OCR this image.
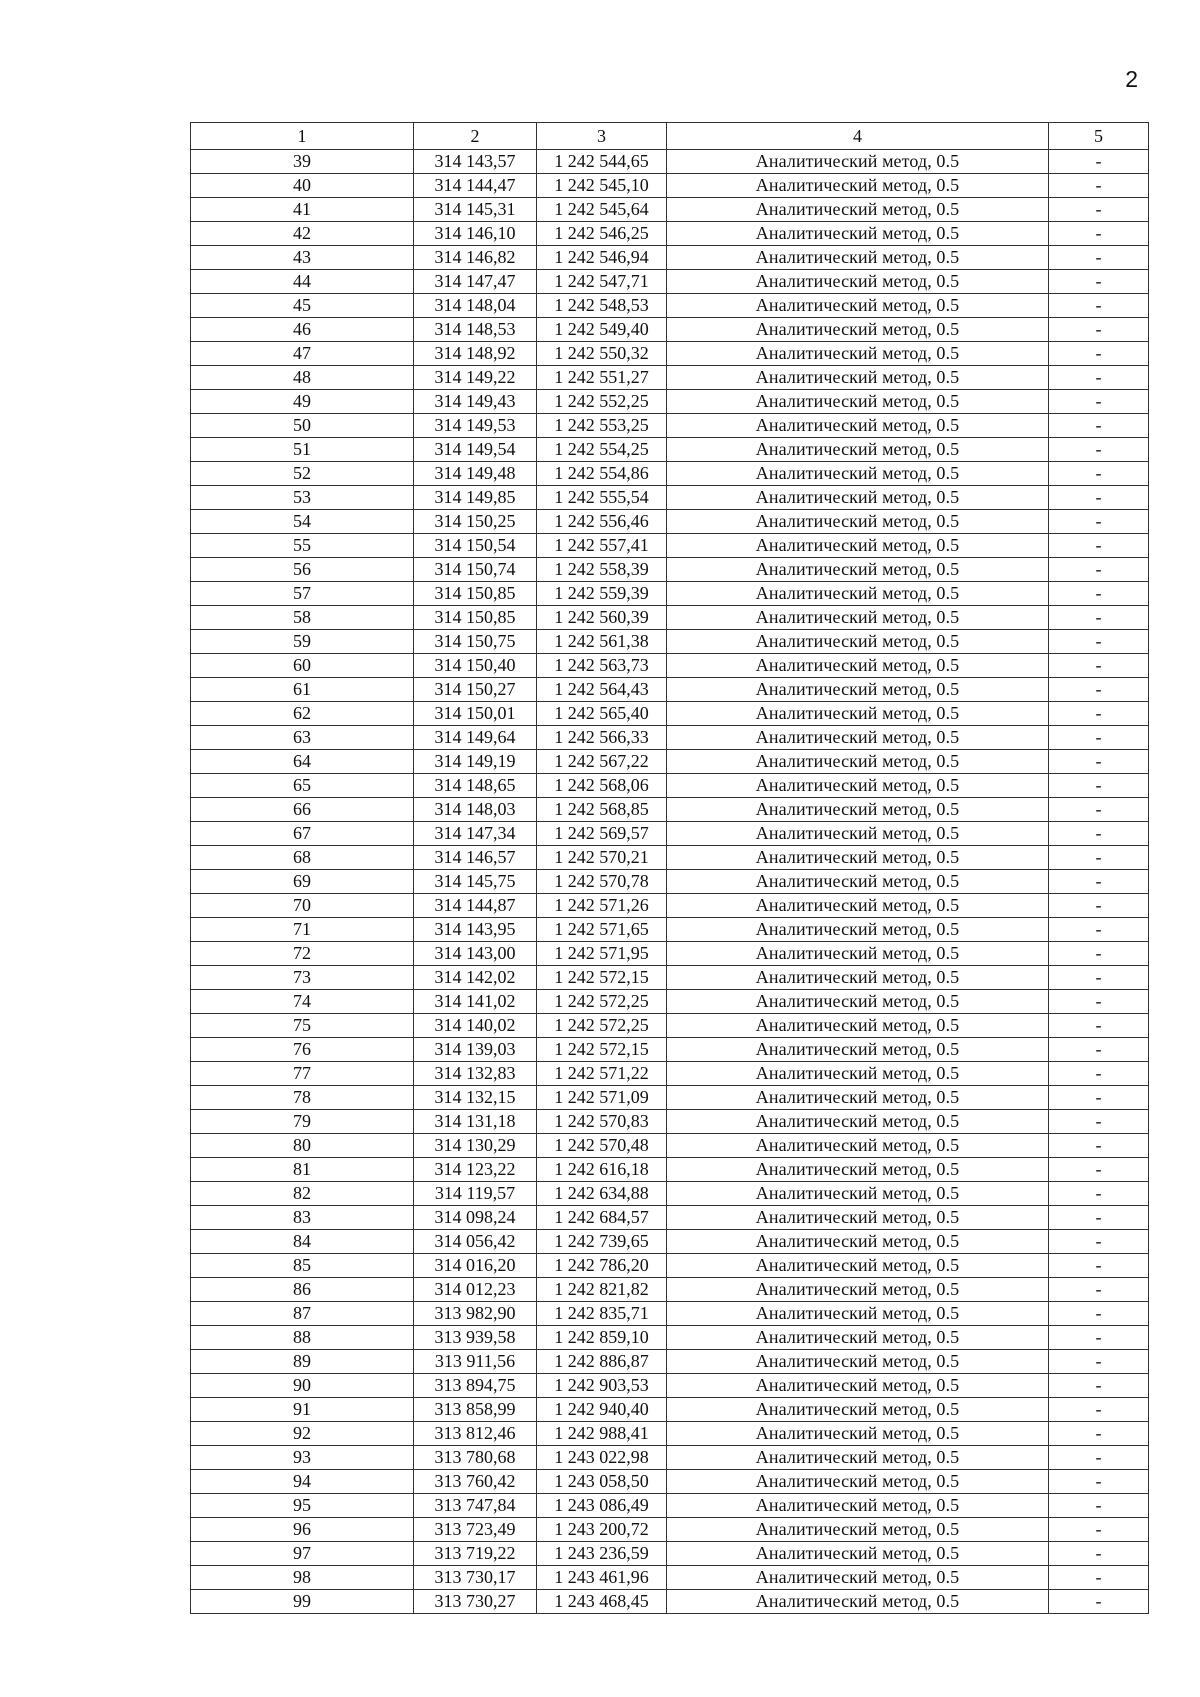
2
1	2	3	4	5
39	314 143,57	1 242 544,65	Аналитический метод, 0.5	-
40	314 144,47	1 242 545,10	Аналитический метод, 0.5	-
41	314 145,31	1 242 545,64	Аналитический метод, 0.5	-
42	314 146,10	1 242 546,25	Аналитический метод, 0.5	-
43	314 146,82	1 242 546,94	Аналитический метод, 0.5	-
44	314 147,47	1 242 547,71	Аналитический метод, 0.5	-
45	314 148,04	1 242 548,53	Аналитический метод, 0.5	-
46	314 148,53	1 242 549,40	Аналитический метод, 0.5	-
47	314 148,92	1 242 550,32	Аналитический метод, 0.5	-
48	314 149,22	1 242 551,27	Аналитический метод, 0.5	-
49	314 149,43	1 242 552,25	Аналитический метод, 0.5	-
50	314 149,53	1 242 553,25	Аналитический метод, 0.5	-
51	314 149,54	1 242 554,25	Аналитический метод, 0.5	-
52	314 149,48	1 242 554,86	Аналитический метод, 0.5	-
53	314 149,85	1 242 555,54	Аналитический метод, 0.5	-
54	314 150,25	1 242 556,46	Аналитический метод, 0.5	-
55	314 150,54	1 242 557,41	Аналитический метод, 0.5	-
56	314 150,74	1 242 558,39	Аналитический метод, 0.5	-
57	314 150,85	1 242 559,39	Аналитический метод, 0.5	-
58	314 150,85	1 242 560,39	Аналитический метод, 0.5	-
59	314 150,75	1 242 561,38	Аналитический метод, 0.5	-
60	314 150,40	1 242 563,73	Аналитический метод, 0.5	-
61	314 150,27	1 242 564,43	Аналитический метод, 0.5	-
62	314 150,01	1 242 565,40	Аналитический метод, 0.5	-
63	314 149,64	1 242 566,33	Аналитический метод, 0.5	-
64	314 149,19	1 242 567,22	Аналитический метод, 0.5	-
65	314 148,65	1 242 568,06	Аналитический метод, 0.5	-
66	314 148,03	1 242 568,85	Аналитический метод, 0.5	-
67	314 147,34	1 242 569,57	Аналитический метод, 0.5	-
68	314 146,57	1 242 570,21	Аналитический метод, 0.5	-
69	314 145,75	1 242 570,78	Аналитический метод, 0.5	-
70	314 144,87	1 242 571,26	Аналитический метод, 0.5	-
71	314 143,95	1 242 571,65	Аналитический метод, 0.5	-
72	314 143,00	1 242 571,95	Аналитический метод, 0.5	-
73	314 142,02	1 242 572,15	Аналитический метод, 0.5	-
74	314 141,02	1 242 572,25	Аналитический метод, 0.5	-
75	314 140,02	1 242 572,25	Аналитический метод, 0.5	-
76	314 139,03	1 242 572,15	Аналитический метод, 0.5	-
77	314 132,83	1 242 571,22	Аналитический метод, 0.5	-
78	314 132,15	1 242 571,09	Аналитический метод, 0.5	-
79	314 131,18	1 242 570,83	Аналитический метод, 0.5	-
80	314 130,29	1 242 570,48	Аналитический метод, 0.5	-
81	314 123,22	1 242 616,18	Аналитический метод, 0.5	-
82	314 119,57	1 242 634,88	Аналитический метод, 0.5	-
83	314 098,24	1 242 684,57	Аналитический метод, 0.5	-
84	314 056,42	1 242 739,65	Аналитический метод, 0.5	-
85	314 016,20	1 242 786,20	Аналитический метод, 0.5	-
86	314 012,23	1 242 821,82	Аналитический метод, 0.5	-
87	313 982,90	1 242 835,71	Аналитический метод, 0.5	-
88	313 939,58	1 242 859,10	Аналитический метод, 0.5	-
89	313 911,56	1 242 886,87	Аналитический метод, 0.5	-
90	313 894,75	1 242 903,53	Аналитический метод, 0.5	-
91	313 858,99	1 242 940,40	Аналитический метод, 0.5	-
92	313 812,46	1 242 988,41	Аналитический метод, 0.5	-
93	313 780,68	1 243 022,98	Аналитический метод, 0.5	-
94	313 760,42	1 243 058,50	Аналитический метод, 0.5	-
95	313 747,84	1 243 086,49	Аналитический метод, 0.5	-
96	313 723,49	1 243 200,72	Аналитический метод, 0.5	-
97	313 719,22	1 243 236,59	Аналитический метод, 0.5	-
98	313 730,17	1 243 461,96	Аналитический метод, 0.5	-
99	313 730,27	1 243 468,45	Аналитический метод, 0.5	-
